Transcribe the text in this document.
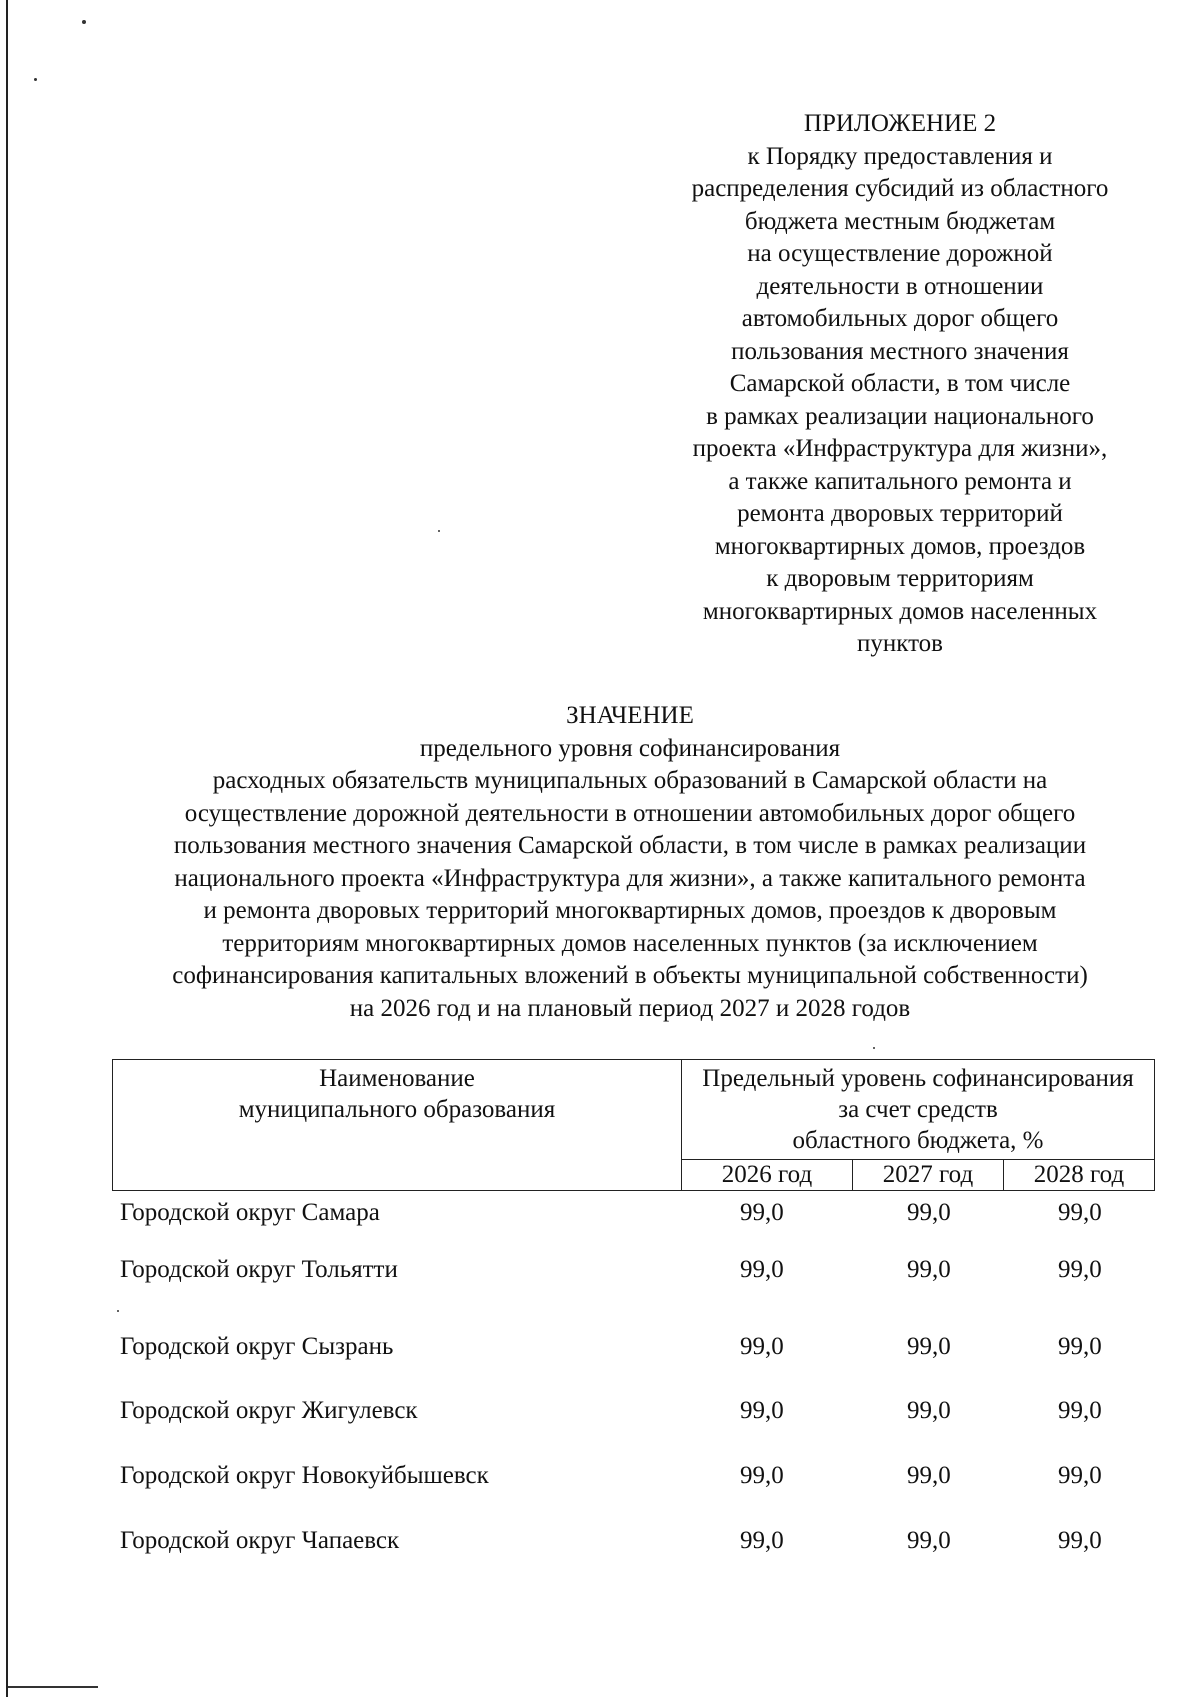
ПРИЛОЖЕНИЕ 2
к Порядку предоставления и
распределения субсидий из областного
бюджета местным бюджетам
на осуществление дорожной
деятельности в отношении
автомобильных дорог общего
пользования местного значения
Самарской области, в том числе
в рамках реализации национального
проекта «Инфраструктура для жизни»,
а также капитального ремонта и
ремонта дворовых территорий
многоквартирных домов, проездов
к дворовым территориям
многоквартирных домов населенных
пунктов
ЗНАЧЕНИЕ
предельного уровня софинансирования
расходных обязательств муниципальных образований в Самарской области на
осуществление дорожной деятельности в отношении автомобильных дорог общего
пользования местного значения Самарской области, в том числе в рамках реализации
национального проекта «Инфраструктура для жизни», а также капитального ремонта
и ремонта дворовых территорий многоквартирных домов, проездов к дворовым
территориям многоквартирных домов населенных пунктов (за исключением
софинансирования капитальных вложений в объекты муниципальной собственности)
на 2026 год и на плановый период 2027 и 2028 годов
Наименование
муниципального образования	Предельный уровень софинансирования
за счет средств
областного бюджета, %		

	2026 год	2027 год	2028 год
Городской округ Самара	99,0	99,0	99,0
Городской округ Тольятти	99,0	99,0	99,0
Городской округ Сызрань	99,0	99,0	99,0
Городской округ Жигулевск	99,0	99,0	99,0
Городской округ Новокуйбышевск	99,0	99,0	99,0
Городской округ Чапаевск	99,0	99,0	99,0
